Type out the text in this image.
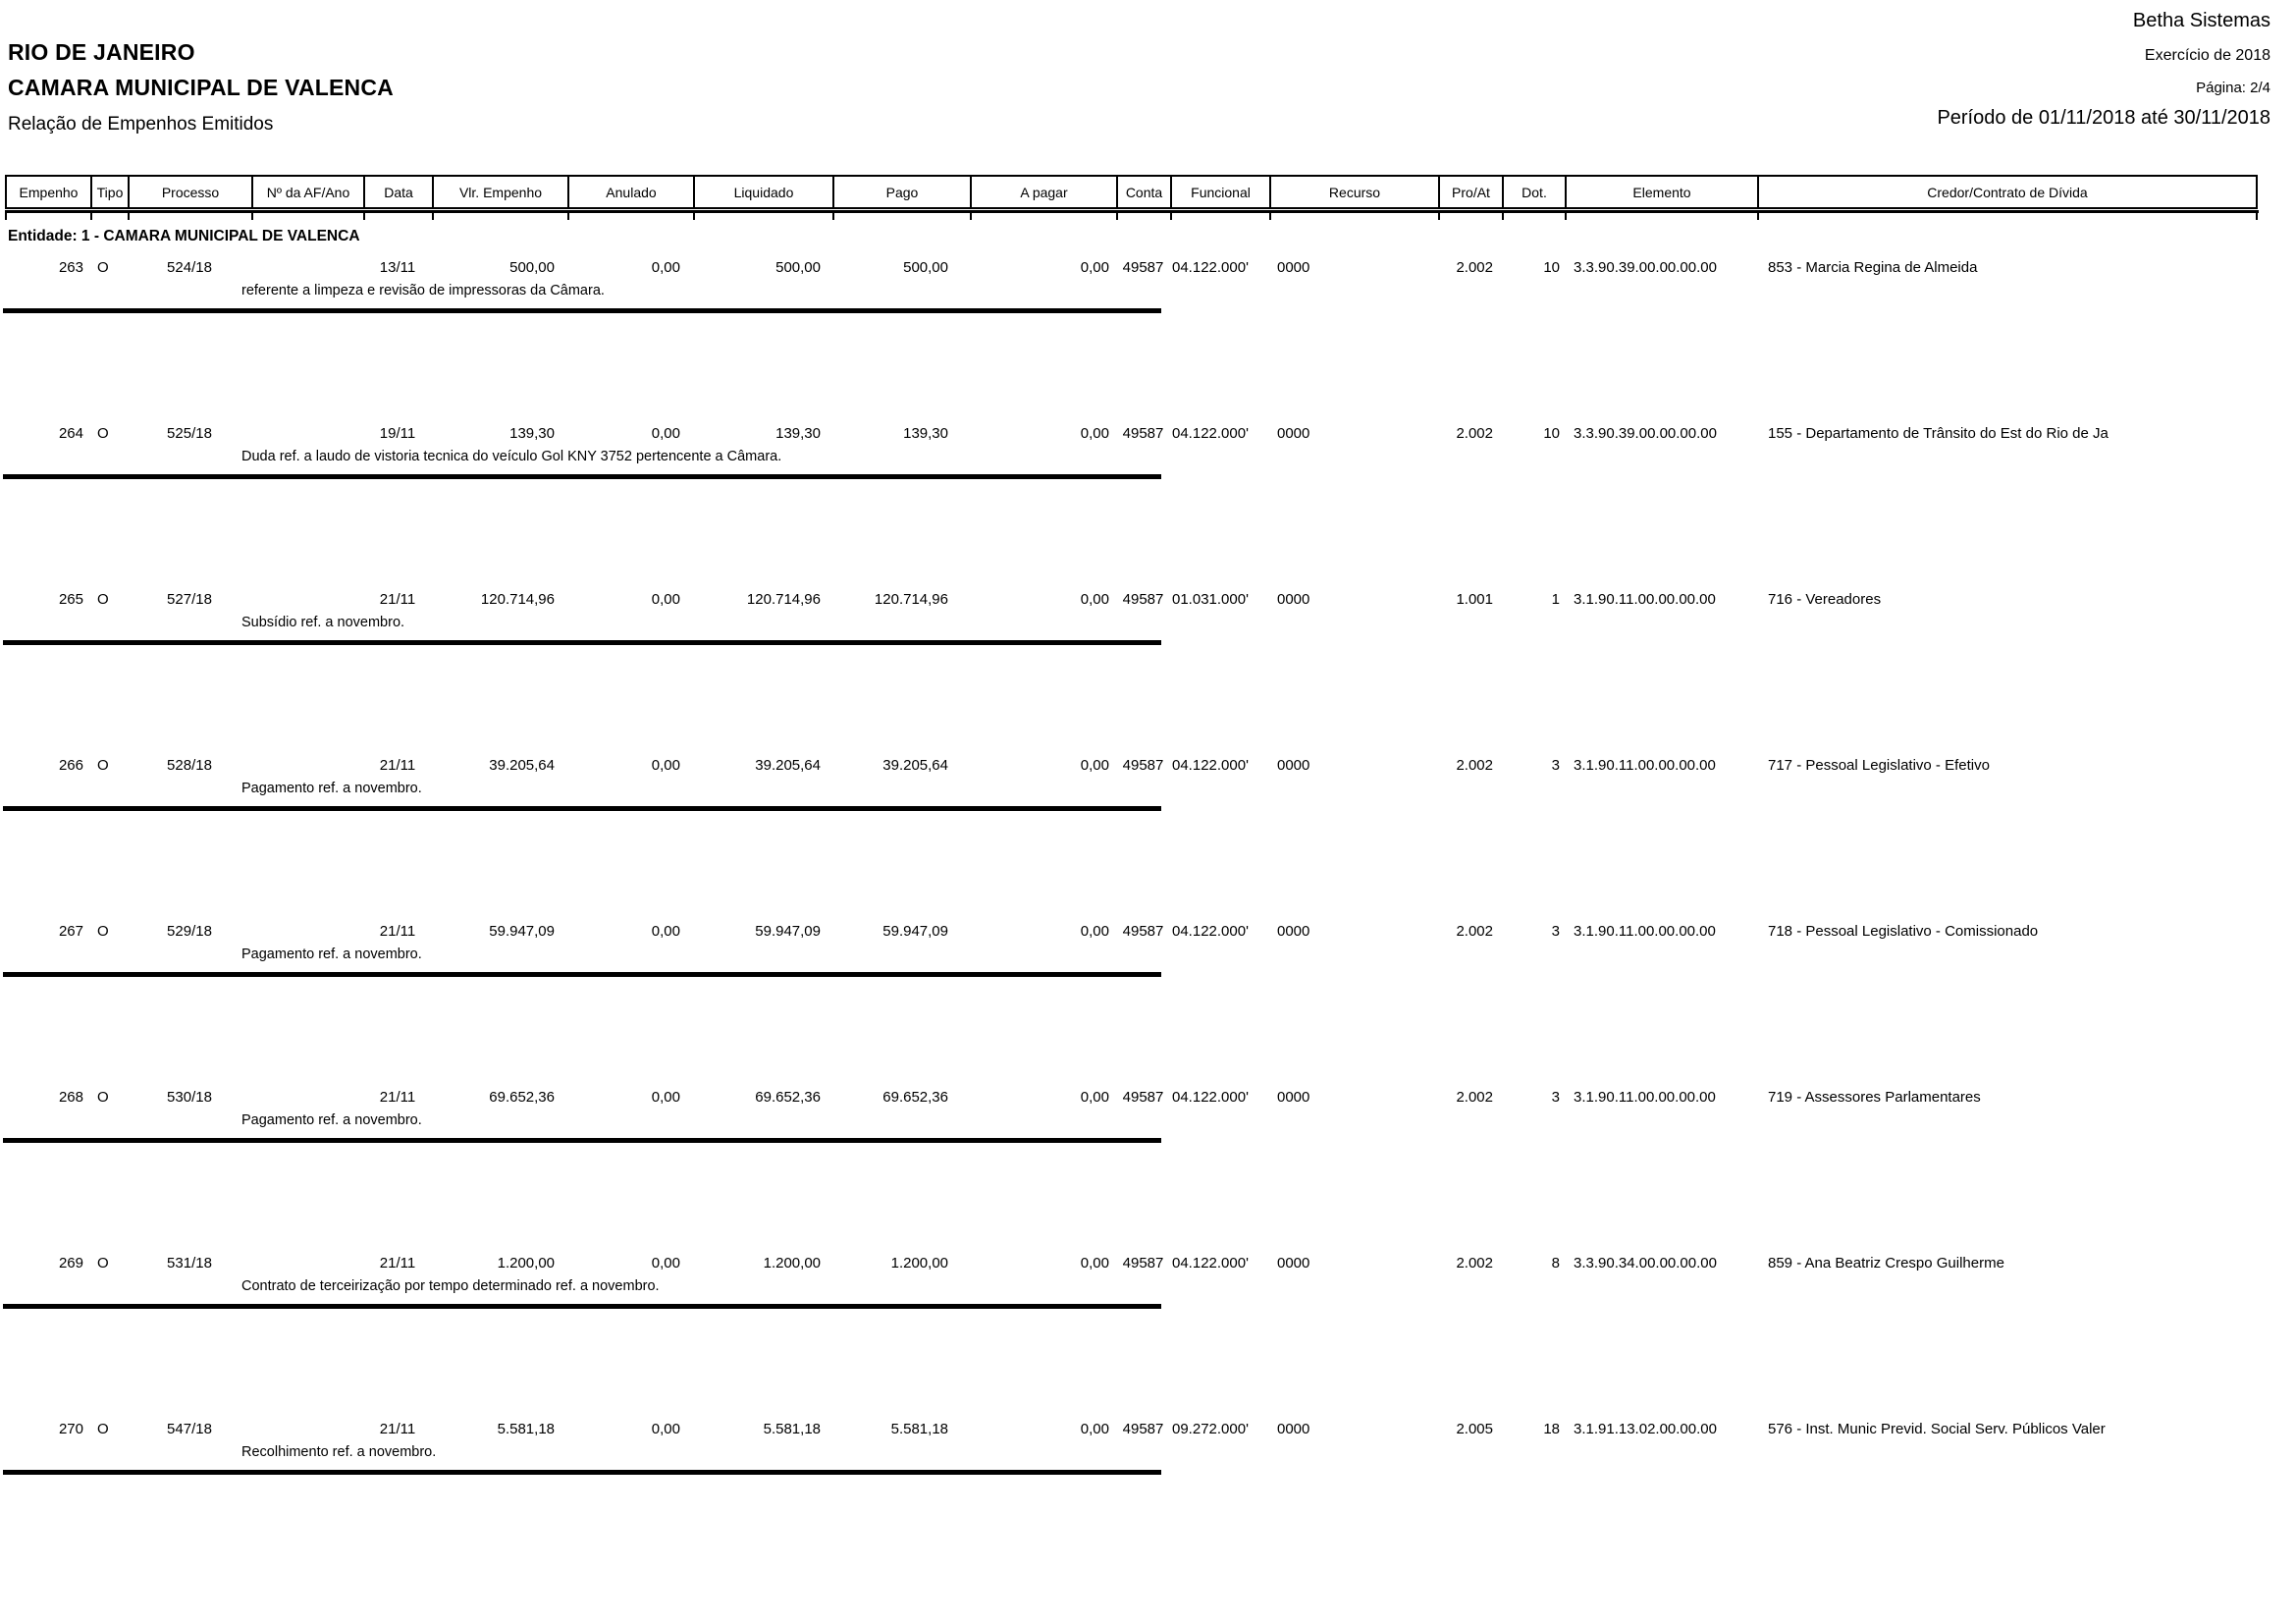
RIO DE JANEIRO
CAMARA MUNICIPAL DE VALENCA
Relação de Empenhos Emitidos
Betha Sistemas
Exercício de 2018
Página: 2/4
Período de 01/11/2018 até 30/11/2018
Empenho	Tipo	Processo	Nº da AF/Ano	Data	Vlr. Empenho	Anulado	Liquidado	Pago	A pagar	Conta	Funcional	Recurso	Pro/At	Dot.	Elemento	Credor/Contrato de Dívida
Entidade: 1 - CAMARA MUNICIPAL DE VALENCA
263 O	524/18	13/11	500,00	0,00	500,00	500,00	0,00 49587 04.122.000'	0000	2.002	10 3.3.90.39.00.00.00.00	853 - Marcia Regina de Almeida
referente a limpeza e revisão de impressoras da Câmara.
264 O	525/18	19/11	139,30	0,00	139,30	139,30	0,00 49587 04.122.000'	0000	2.002	10 3.3.90.39.00.00.00.00	155 - Departamento de Trânsito do Est do Rio de Ja
Duda ref. a laudo de vistoria tecnica do veículo Gol KNY 3752 pertencente a Câmara.
265 O	527/18	21/11	120.714,96	0,00	120.714,96	120.714,96	0,00 49587 01.031.000'	0000	1.001	1 3.1.90.11.00.00.00.00	716 - Vereadores
Subsídio ref. a novembro.
266 O	528/18	21/11	39.205,64	0,00	39.205,64	39.205,64	0,00 49587 04.122.000'	0000	2.002	3 3.1.90.11.00.00.00.00	717 - Pessoal Legislativo - Efetivo
Pagamento ref. a novembro.
267 O	529/18	21/11	59.947,09	0,00	59.947,09	59.947,09	0,00 49587 04.122.000'	0000	2.002	3 3.1.90.11.00.00.00.00	718 - Pessoal Legislativo - Comissionado
Pagamento ref. a novembro.
268 O	530/18	21/11	69.652,36	0,00	69.652,36	69.652,36	0,00 49587 04.122.000'	0000	2.002	3 3.1.90.11.00.00.00.00	719 - Assessores Parlamentares
Pagamento ref. a novembro.
269 O	531/18	21/11	1.200,00	0,00	1.200,00	1.200,00	0,00 49587 04.122.000'	0000	2.002	8 3.3.90.34.00.00.00.00	859 - Ana Beatriz Crespo Guilherme
Contrato de terceirização por tempo determinado ref. a novembro.
270 O	547/18	21/11	5.581,18	0,00	5.581,18	5.581,18	0,00 49587 09.272.000'	0000	2.005	18 3.1.91.13.02.00.00.00	576 - Inst. Munic Previd. Social Serv. Públicos Valer
Recolhimento ref. a novembro.
